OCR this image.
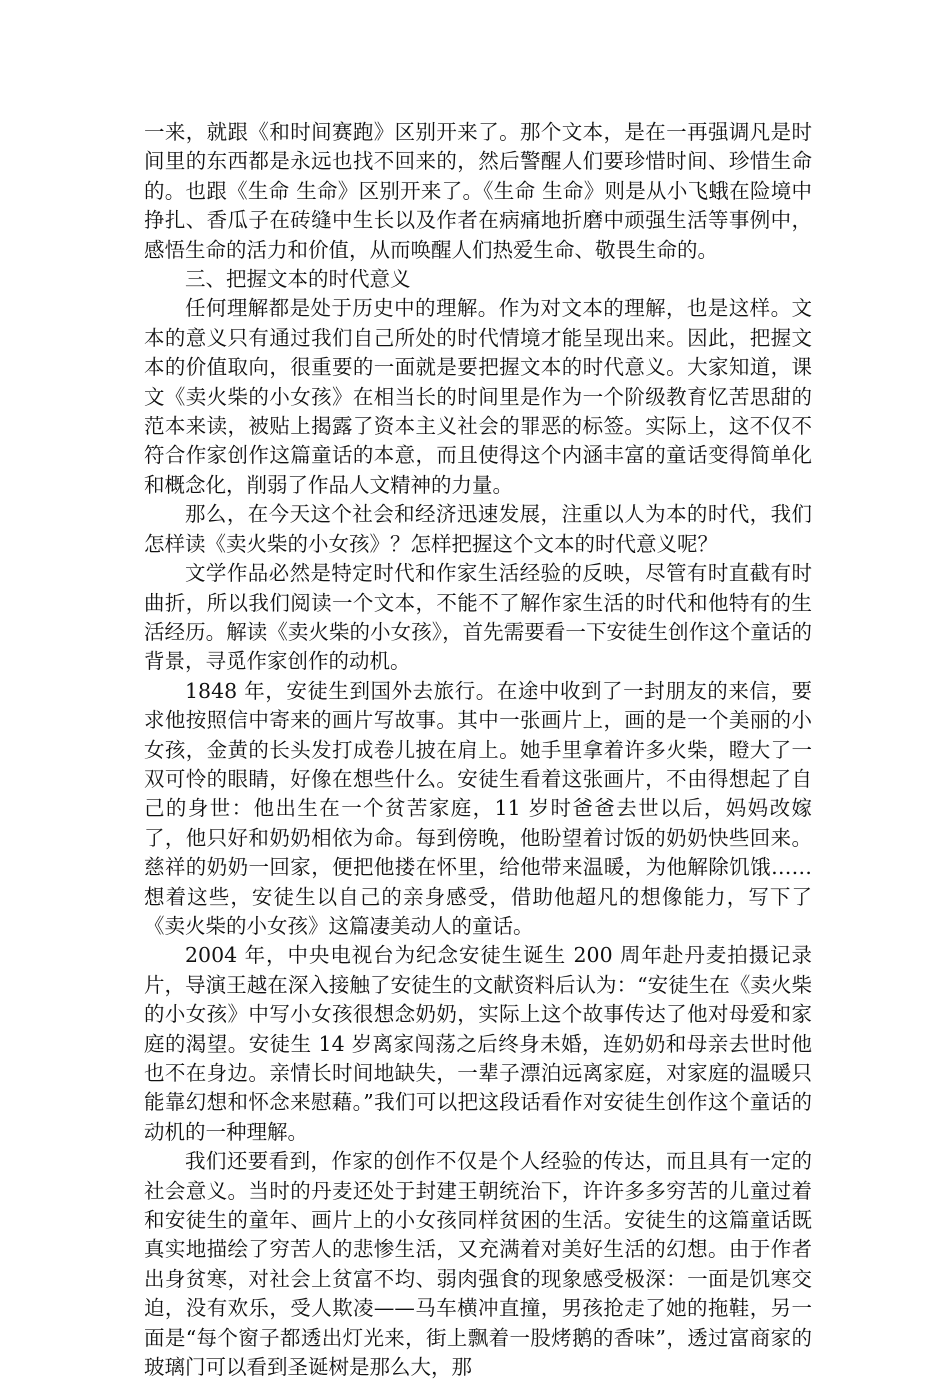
一来，就跟《和时间赛跑》区别开来了。那个文本，是在一再强调凡是时间里的东西都是永远也找不回来的，然后警醒人们要珍惜时间、珍惜生命的。也跟《生命 生命》区别开来了。《生命 生命》则是从小飞蛾在险境中挣扎、香瓜子在砖缝中生长以及作者在病痛地折磨中顽强生活等事例中，感悟生命的活力和价值，从而唤醒人们热爱生命、敬畏生命的。

三、把握文本的时代意义

任何理解都是处于历史中的理解。作为对文本的理解，也是这样。文本的意义只有通过我们自己所处的时代情境才能呈现出来。因此，把握文本的价值取向，很重要的一面就是要把握文本的时代意义。大家知道，课文《卖火柴的小女孩》在相当长的时间里是作为一个阶级教育忆苦思甜的范本来读，被贴上揭露了资本主义社会的罪恶的标签。实际上，这不仅不符合作家创作这篇童话的本意，而且使得这个内涵丰富的童话变得简单化和概念化，削弱了作品人文精神的力量。

那么，在今天这个社会和经济迅速发展，注重以人为本的时代，我们怎样读《卖火柴的小女孩》？怎样把握这个文本的时代意义呢？

文学作品必然是特定时代和作家生活经验的反映，尽管有时直截有时曲折，所以我们阅读一个文本，不能不了解作家生活的时代和他特有的生活经历。解读《卖火柴的小女孩》，首先需要看一下安徒生创作这个童话的背景，寻觅作家创作的动机。

1848 年，安徒生到国外去旅行。在途中收到了一封朋友的来信，要求他按照信中寄来的画片写故事。其中一张画片上，画的是一个美丽的小女孩，金黄的长头发打成卷儿披在肩上。她手里拿着许多火柴，瞪大了一双可怜的眼睛，好像在想些什么。安徒生看着这张画片，不由得想起了自己的身世：他出生在一个贫苦家庭，11 岁时爸爸去世以后，妈妈改嫁了，他只好和奶奶相依为命。每到傍晚，他盼望着讨饭的奶奶快些回来。慈祥的奶奶一回家，便把他搂在怀里，给他带来温暖，为他解除饥饿……想着这些，安徒生以自己的亲身感受，借助他超凡的想像能力，写下了《卖火柴的小女孩》这篇凄美动人的童话。

2004 年，中央电视台为纪念安徒生诞生 200 周年赴丹麦拍摄记录片，导演王越在深入接触了安徒生的文献资料后认为：“安徒生在《卖火柴的小女孩》中写小女孩很想念奶奶，实际上这个故事传达了他对母爱和家庭的渴望。安徒生 14 岁离家闯荡之后终身未婚，连奶奶和母亲去世时他也不在身边。亲情长时间地缺失，一辈子漂泊远离家庭，对家庭的温暖只能靠幻想和怀念来慰藉。”我们可以把这段话看作对安徒生创作这个童话的动机的一种理解。

我们还要看到，作家的创作不仅是个人经验的传达，而且具有一定的社会意义。当时的丹麦还处于封建王朝统治下，许许多多穷苦的儿童过着和安徒生的童年、画片上的小女孩同样贫困的生活。安徒生的这篇童话既真实地描绘了穷苦人的悲惨生活，又充满着对美好生活的幻想。由于作者出身贫寒，对社会上贫富不均、弱肉强食的现象感受极深：一面是饥寒交迫，没有欢乐，受人欺凌——马车横冲直撞，男孩抢走了她的拖鞋，另一面是“每个窗子都透出灯光来，街上飘着一股烤鹅的香味”，透过富商家的玻璃门可以看到圣诞树是那么大，那
